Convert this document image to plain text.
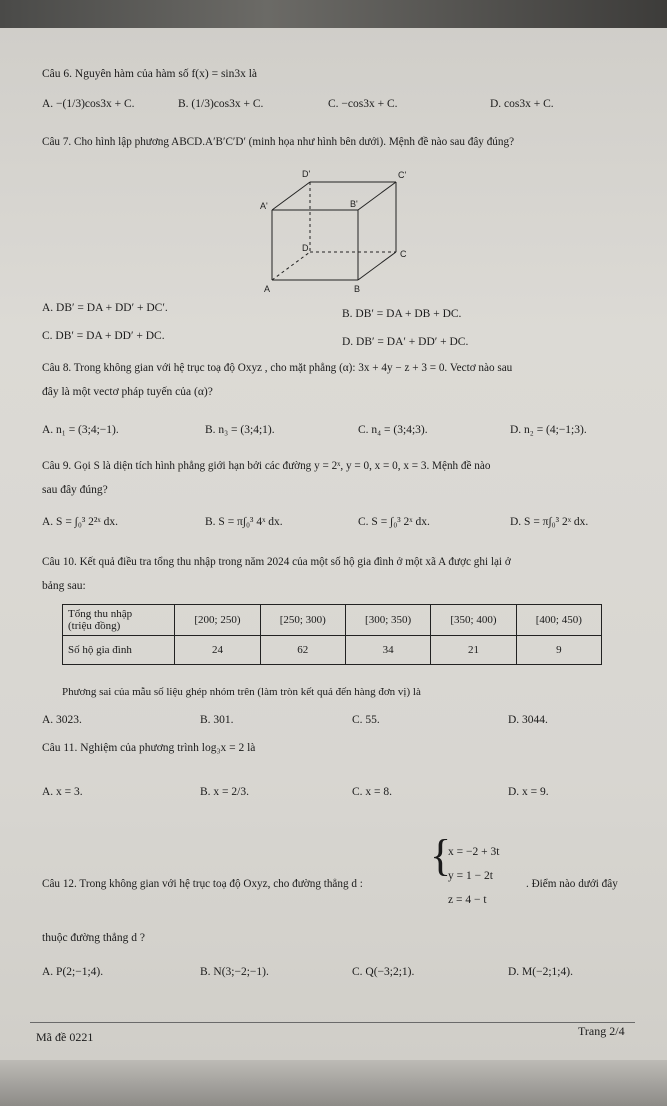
Câu 6. Nguyên hàm của hàm số f(x) = sin3x là
A. −(1/3)cos3x + C.	B. (1/3)cos3x + C.	C. −cos3x + C.	D. cos3x + C.
Câu 7. Cho hình lập phương ABCD.A′B′C′D′ (minh họa như hình bên dưới). Mệnh đề nào sau đây đúng?
D'	C'
A'	B'
D
C
A	B
A. DB′ = DA + DD′ + DC′.	B. DB′ = DA + DB + DC.
C. DB′ = DA + DD′ + DC.	D. DB′ = DA′ + DD′ + DC.
Câu 8. Trong không gian với hệ trục toạ độ Oxyz , cho mặt phẳng (α): 3x + 4y − z + 3 = 0. Vectơ nào sau
đây là một vectơ pháp tuyến của (α)?
A. n₁ = (3;4;−1).	B. n₃ = (3;4;1).	C. n₄ = (3;4;3).	D. n₂ = (4;−1;3).
Câu 9. Gọi S là diện tích hình phẳng giới hạn bởi các đường y = 2ˣ, y = 0, x = 0, x = 3. Mệnh đề nào
sau đây đúng?
A. S = ∫₀³ 2²ˣ dx.	B. S = π∫₀³ 4ˣ dx.	C. S = ∫₀³ 2ˣ dx.	D. S = π∫₀³ 2ˣ dx.
Câu 10. Kết quả điều tra tổng thu nhập trong năm 2024 của một số hộ gia đình ở một xã A được ghi lại ở
bảng sau:
Tổng thu nhập
(triệu đồng)	[200; 250)	[250; 300)	[300; 350)	[350; 400)	[400; 450)
Số hộ gia đình	24	62	34	21	9
Phương sai của mẫu số liệu ghép nhóm trên (làm tròn kết quả đến hàng đơn vị) là
A. 3023.	B. 301.	C. 55.	D. 3044.
Câu 11. Nghiệm của phương trình log₃x = 2 là
A. x = 3.	B. x = 2/3.	C. x = 8.	D. x = 9.
Câu 12. Trong không gian với hệ trục toạ độ Oxyz, cho đường thẳng d :
{
x = −2 + 3t
y = 1 − 2t
z = 4 − t
. Điểm nào dưới đây
thuộc đường thẳng d ?
A. P(2;−1;4).	B. N(3;−2;−1).	C. Q(−3;2;1).	D. M(−2;1;4).
Mã đề 0221	Trang 2/4
